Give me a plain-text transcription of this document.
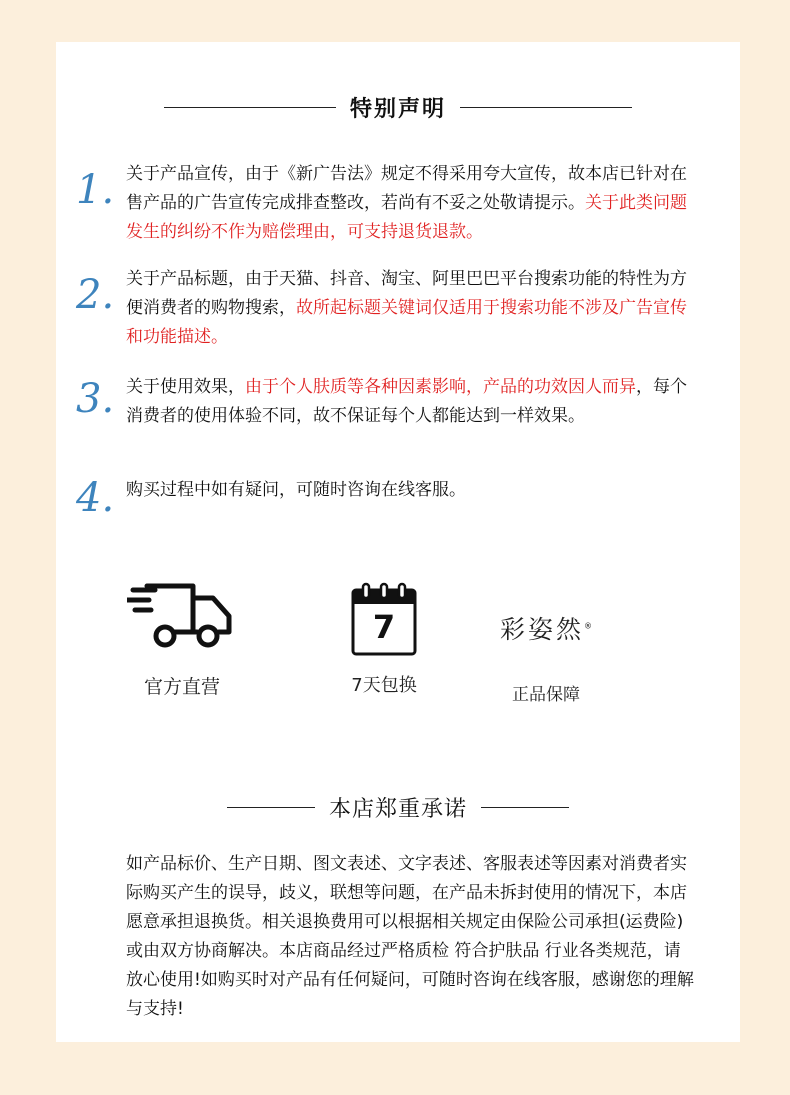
特别声明
1. 关于产品宣传，由于《新广告法》规定不得采用夸大宣传，故本店已针对在售产品的广告宣传完成排查整改，若尚有不妥之处敬请提示。关于此类问题发生的纠纷不作为赔偿理由，可支持退货退款。
2. 关于产品标题，由于天猫、抖音、淘宝、阿里巴巴平台搜索功能的特性为方便消费者的购物搜索，故所起标题关键词仅适用于搜索功能不涉及广告宣传和功能描述。
3. 关于使用效果，由于个人肤质等各种因素影响，产品的功效因人而异，每个消费者的使用体验不同，故不保证每个人都能达到一样效果。
4. 购买过程中如有疑问，可随时咨询在线客服。
官方直营
7
7天包换
彩姿然®
正品保障
本店郑重承诺
如产品标价、生产日期、图文表述、文字表述、客服表述等因素对消费者实际购买产生的误导，歧义，联想等问题，在产品未拆封使用的情况下，本店愿意承担退换货。相关退换费用可以根据相关规定由保险公司承担(运费险)或由双方协商解决。本店商品经过严格质检 符合护肤品 行业各类规范，请放心使用!如购买时对产品有任何疑问，可随时咨询在线客服，感谢您的理解与支持!
